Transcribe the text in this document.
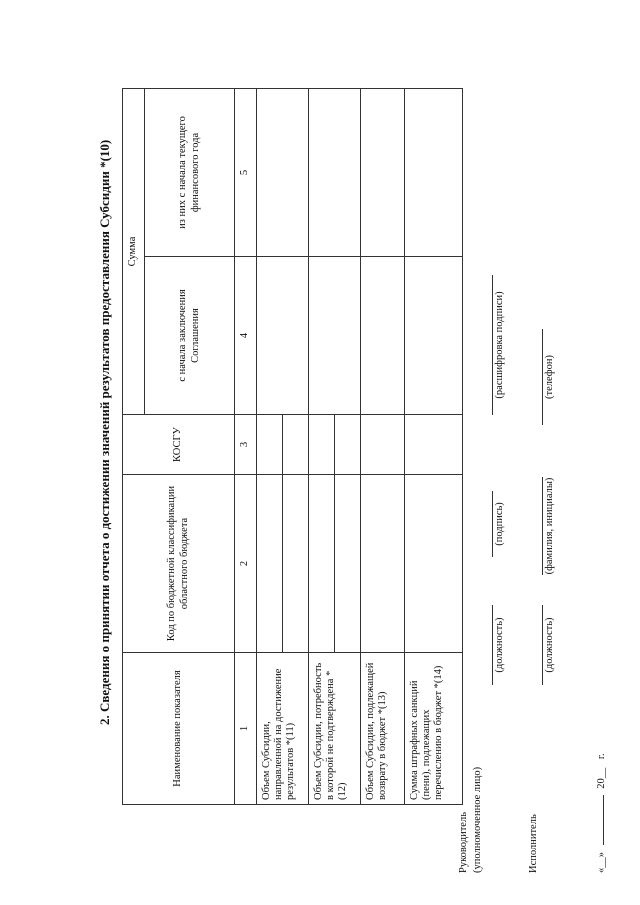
2. Сведения о принятии отчета о достижении значений результатов предоставления Субсидии *(10)
Наименование показателя	Код по бюджетной классификации областного бюджета	КОСГУ	Сумма	
			с начала заключения Соглашения	из них с начала текущего финансового года
1	2	3	4	5
Объем Субсидии, направленной на достижение результатов *(11)				

Объем Субсидии, потребность в которой не подтверждена *(12)				

Объем Субсидии, подлежащей возврату в бюджет *(13)				
Сумма штрафных санкций (пени), подлежащих перечислению в бюджет *(14)				
Руководитель (уполномоченное лицо)
(должность)
(подпись)
(расшифровка подписи)
Исполнитель
(должность)
(фамилия, инициалы)
(телефон)
«__»  20__ г.
